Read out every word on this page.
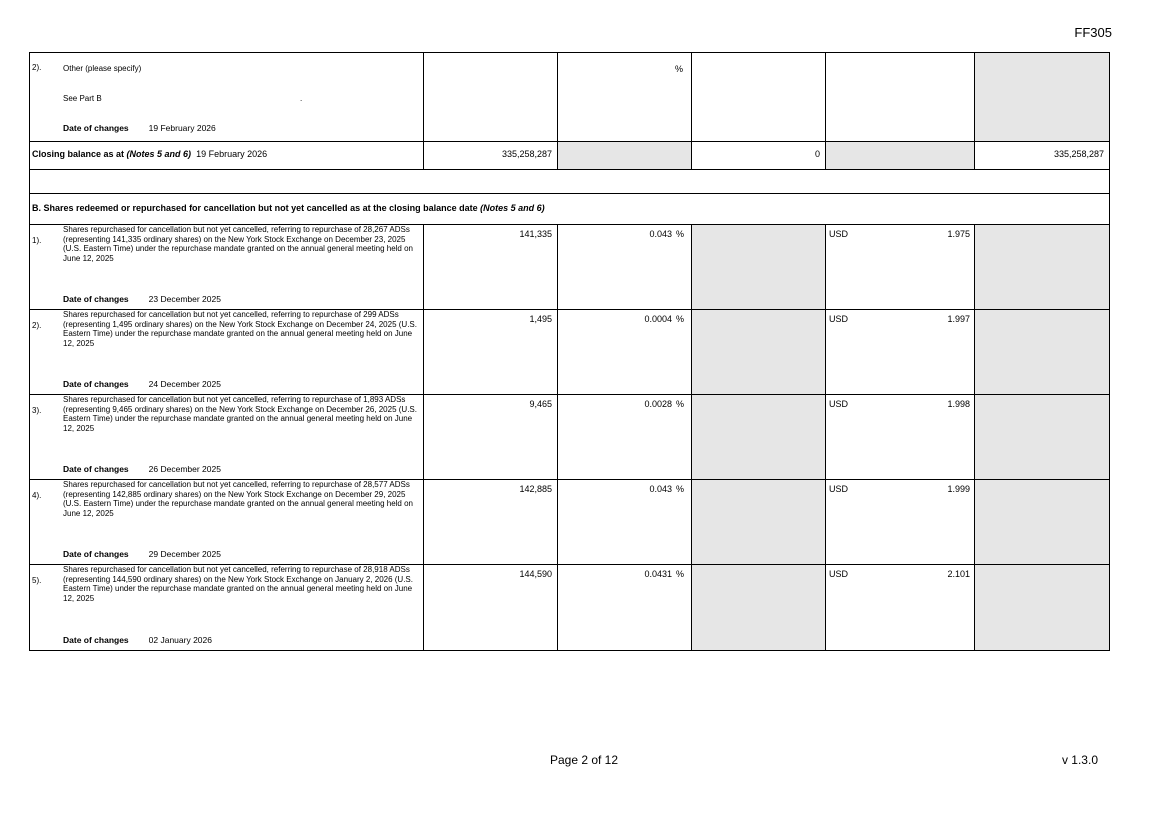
FF305
2). Other (please specify)
See Part B .
Date of changes 19 February 2026		%			
Closing balance as at (Notes 5 and 6) 19 February 2026	335,258,287		0		335,258,287

B. Shares redeemed or repurchased for cancellation but not yet cancelled as at the closing balance date (Notes 5 and 6)					

1).
Shares repurchased for cancellation but not yet cancelled, referring to repurchase of 28,267 ADSs (representing 141,335 ordinary shares) on the New York Stock Exchange on December 23, 2025 (U.S. Eastern Time) under the repurchase mandate granted on the annual general meeting held on June 12, 2025
Date of changes 23 December 2025	141,335	0.043 %		USD 1.975	

2).
Shares repurchased for cancellation but not yet cancelled, referring to repurchase of 299 ADSs (representing 1,495 ordinary shares) on the New York Stock Exchange on December 24, 2025 (U.S. Eastern Time) under the repurchase mandate granted on the annual general meeting held on June 12, 2025
Date of changes 24 December 2025	1,495	0.0004 %		USD 1.997	

3).
Shares repurchased for cancellation but not yet cancelled, referring to repurchase of 1,893 ADSs (representing 9,465 ordinary shares) on the New York Stock Exchange on December 26, 2025 (U.S. Eastern Time) under the repurchase mandate granted on the annual general meeting held on June 12, 2025
Date of changes 26 December 2025	9,465	0.0028 %		USD 1.998	

4).
Shares repurchased for cancellation but not yet cancelled, referring to repurchase of 28,577 ADSs (representing 142,885 ordinary shares) on the New York Stock Exchange on December 29, 2025 (U.S. Eastern Time) under the repurchase mandate granted on the annual general meeting held on June 12, 2025
Date of changes 29 December 2025	142,885	0.043 %		USD 1.999	

5).
Shares repurchased for cancellation but not yet cancelled, referring to repurchase of 28,918 ADSs (representing 144,590 ordinary shares) on the New York Stock Exchange on January 2, 2026 (U.S. Eastern Time) under the repurchase mandate granted on the annual general meeting held on June 12, 2025
Date of changes 02 January 2026	144,590	0.0431 %		USD 2.101	

Page 2 of 12	v 1.3.0
